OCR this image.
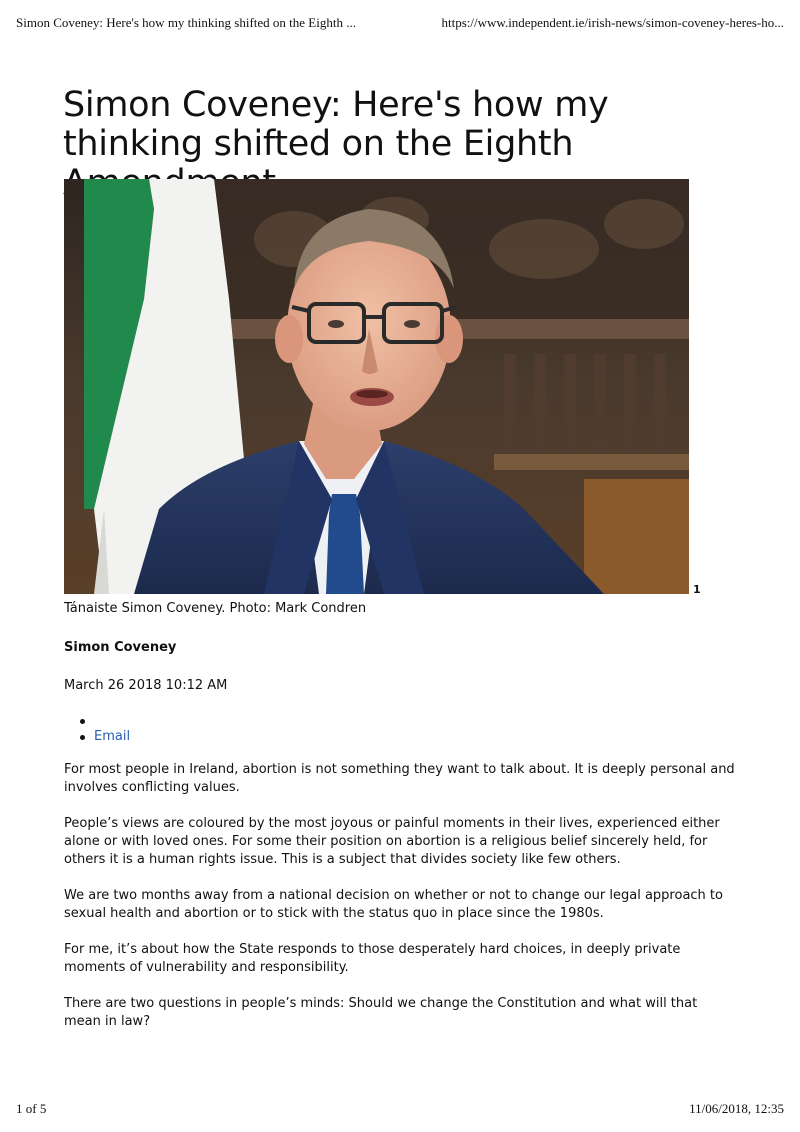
Simon Coveney: Here's how my thinking shifted on the Eighth ...	https://www.independent.ie/irish-news/simon-coveney-heres-ho...
Simon Coveney: Here's how my thinking shifted on the Eighth
1
Tánaiste Simon Coveney. Photo: Mark Condren
Simon Coveney
March 26 2018 10:12 AM
Email

For most people in Ireland, abortion is not something they want to talk about. It is deeply personal and involves conflicting values.

People’s views are coloured by the most joyous or painful moments in their lives, experienced either alone or with loved ones. For some their position on abortion is a religious belief sincerely held, for others it is a human rights issue. This is a subject that divides society like few others.

We are two months away from a national decision on whether or not to change our legal approach to sexual health and abortion or to stick with the status quo in place since the 1980s.

For me, it’s about how the State responds to those desperately hard choices, in deeply private moments of vulnerability and responsibility.

There are two questions in people’s minds: Should we change the Constitution and what will that mean in law?

1 of 5	11/06/2018, 12:35
